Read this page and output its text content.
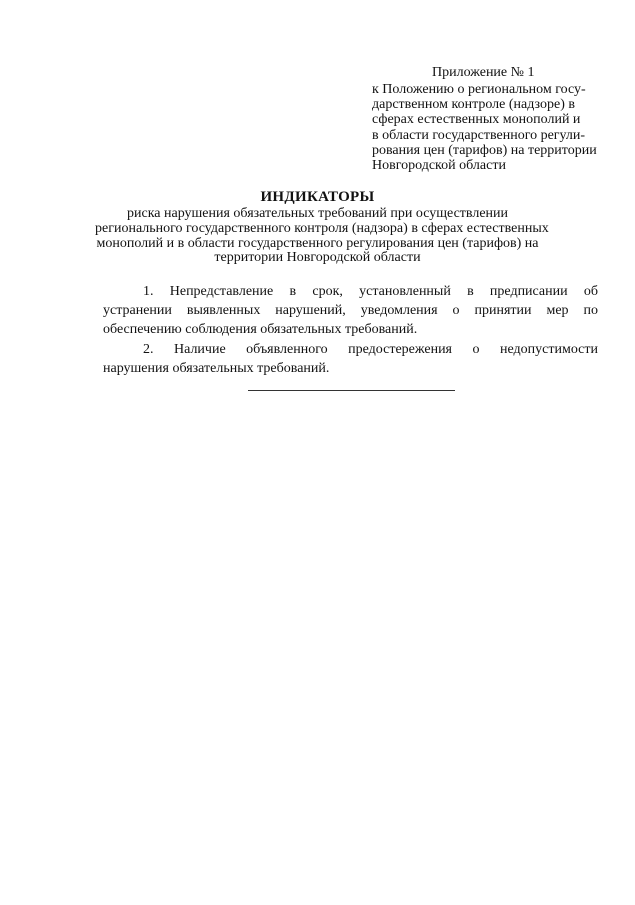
Приложение № 1
к Положению о региональном госу-
дарственном контроле (надзоре) в
сферах естественных монополий и
в области государственного регули-
рования цен (тарифов) на территории
Новгородской области
ИНДИКАТОРЫ
риска нарушения обязательных требований при осуществлении
регионального государственного контроля (надзора) в сферах естественных
монополий и в области государственного регулирования цен (тарифов) на
территории Новгородской области
1. Непредставление в срок, установленный в предписании об
устранении выявленных нарушений, уведомления о принятии мер по
обеспечению соблюдения обязательных требований.
2. Наличие объявленного предостережения о недопустимости
нарушения обязательных требований.
